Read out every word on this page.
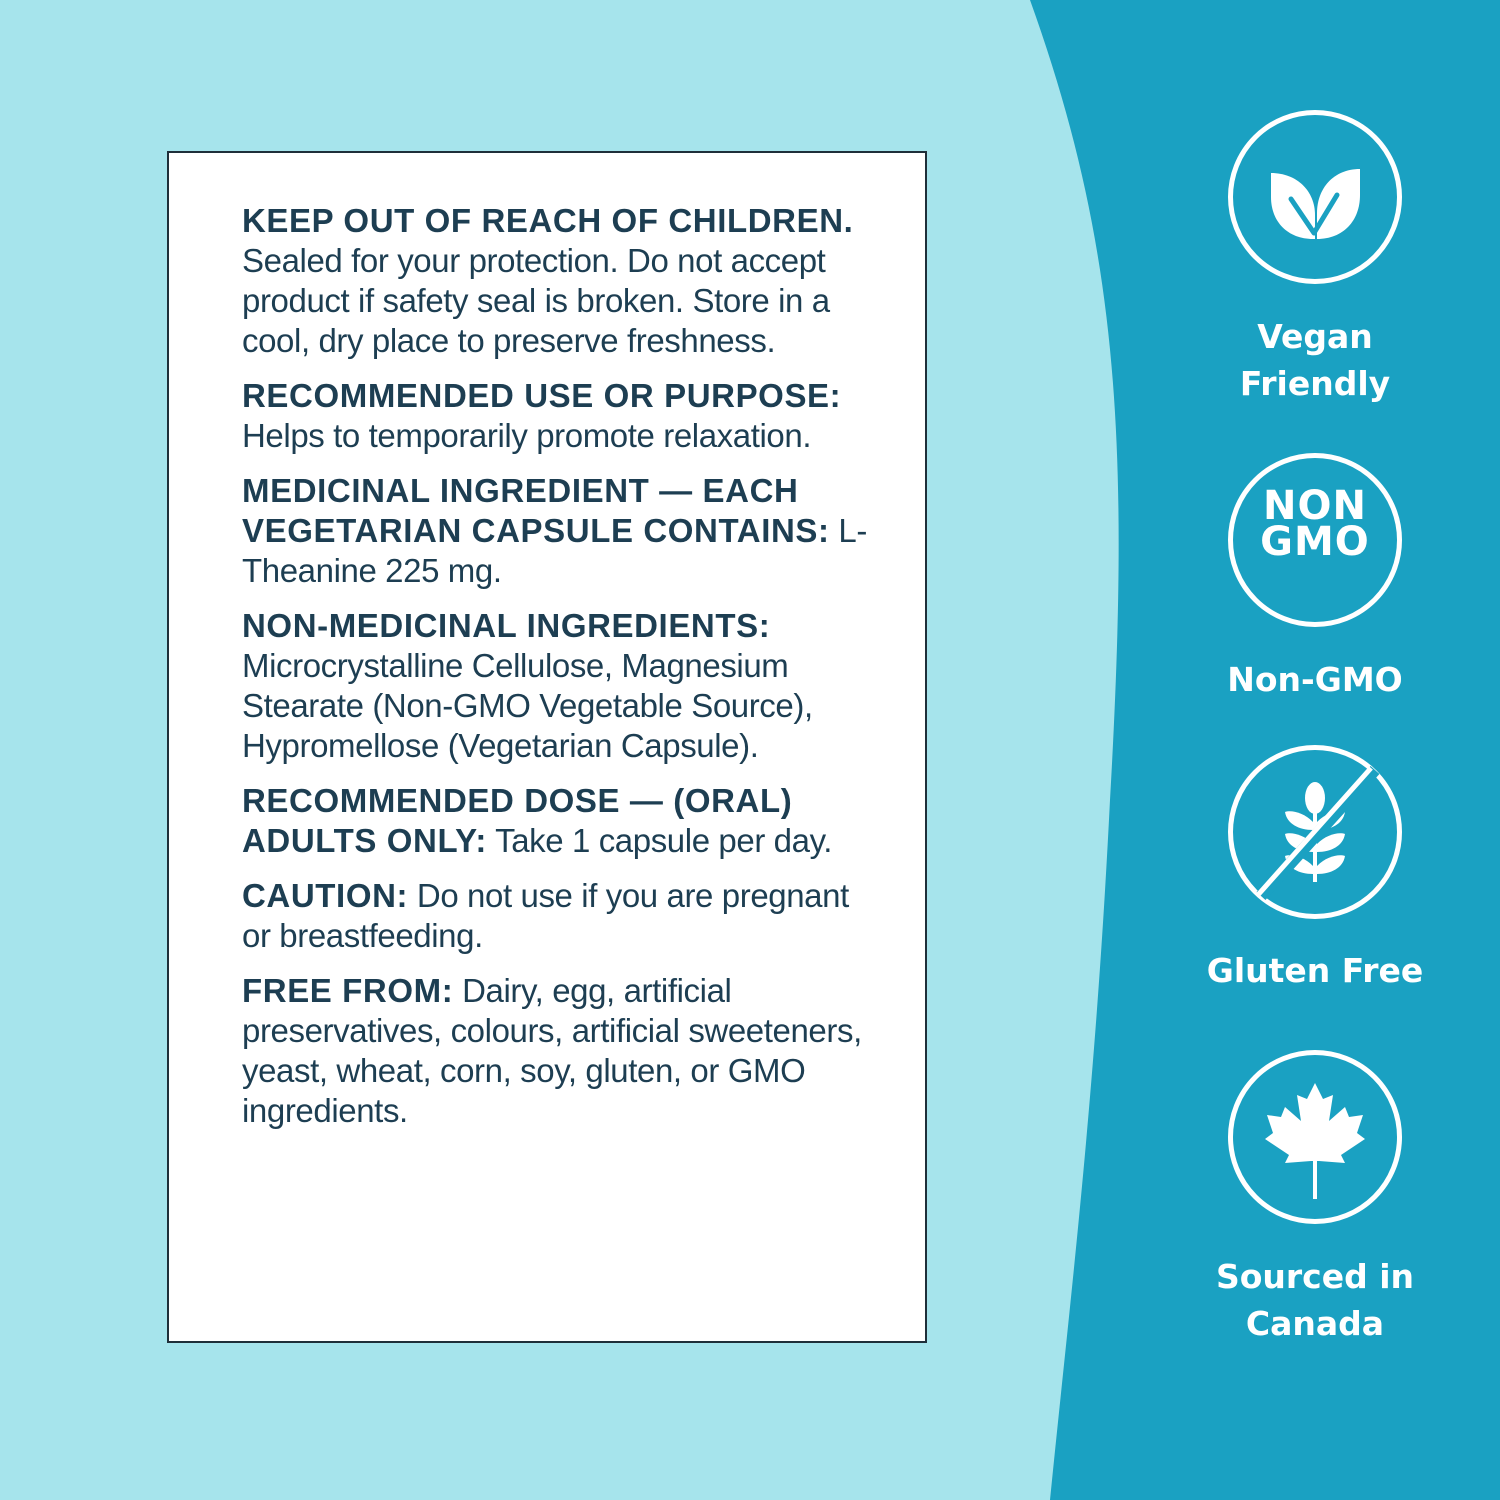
KEEP OUT OF REACH OF CHILDREN. Sealed for your protection. Do not accept product if safety seal is broken. Store in a cool, dry place to preserve freshness.

RECOMMENDED USE OR PURPOSE: Helps to temporarily promote relaxation.

MEDICINAL INGREDIENT — EACH VEGETARIAN CAPSULE CONTAINS: L-Theanine 225 mg.

NON-MEDICINAL INGREDIENTS: Microcrystalline Cellulose, Magnesium Stearate (Non-GMO Vegetable Source), Hypromellose (Vegetarian Capsule).

RECOMMENDED DOSE — (ORAL) ADULTS ONLY: Take 1 capsule per day.

CAUTION: Do not use if you are pregnant or breastfeeding.

FREE FROM: Dairy, egg, artificial preservatives, colours, artificial sweeteners, yeast, wheat, corn, soy, gluten, or GMO ingredients.

Vegan
Friendly
NON
GMO
Non-GMO
Gluten Free
Sourced in
Canada
